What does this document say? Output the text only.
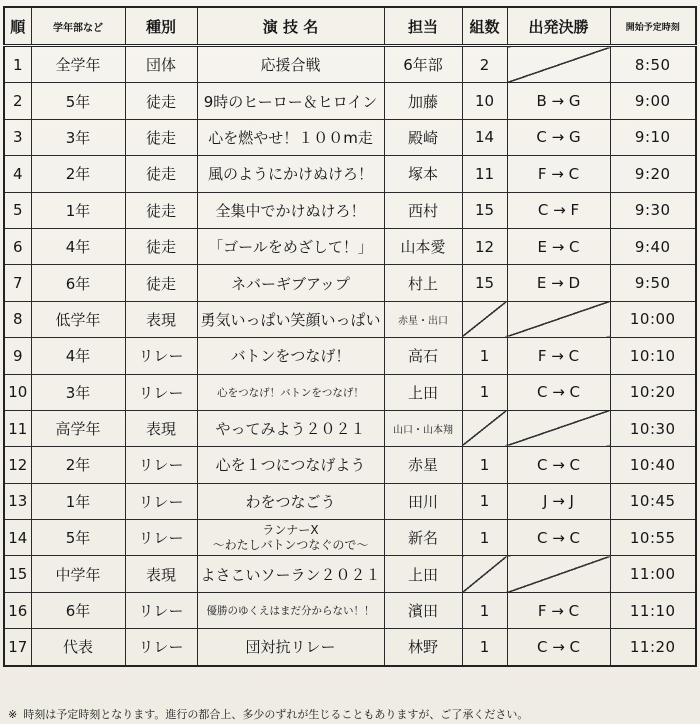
順	学年部など	種別	演 技 名	担当	組数	出発決勝	開始予定時刻
1	全学年	団体	応援合戦	6年部	2		8:50
2	5年	徒走	9時のヒーロー＆ヒロイン	加藤	10	B → G	9:00
3	3年	徒走	心を燃やせ！１００m走	殿崎	14	C → G	9:10
4	2年	徒走	風のようにかけぬけろ！	塚本	11	F → C	9:20
5	1年	徒走	全集中でかけぬけろ！	西村	15	C → F	9:30
6	4年	徒走	「ゴールをめざして！」	山本愛	12	E → C	9:40
7	6年	徒走	ネバーギブアップ	村上	15	E → D	9:50
8	低学年	表現	勇気いっぱい笑顔いっぱい	赤星・出口			10:00
9	4年	リレー	バトンをつなげ！	高石	1	F → C	10:10
10	3年	リレー	心をつなげ！バトンをつなげ！	上田	1	C → C	10:20
11	高学年	表現	やってみよう２０２１	山口・山本翔			10:30
12	2年	リレー	心を１つにつなげよう	赤星	1	C → C	10:40
13	1年	リレー	わをつなごう	田川	1	J → J	10:45
14	5年	リレー	ランナーX
～わたしバトンつなぐので～	新名	1	C → C	10:55
15	中学年	表現	よさこいソーラン２０２１	上田			11:00
16	6年	リレー	優勝のゆくえはまだ分からない！！	濱田	1	F → C	11:10
17	代表	リレー	団対抗リレー	林野	1	C → C	11:20
※ 時刻は予定時刻となります。進行の都合上、多少のずれが生じることもありますが、ご了承ください。
